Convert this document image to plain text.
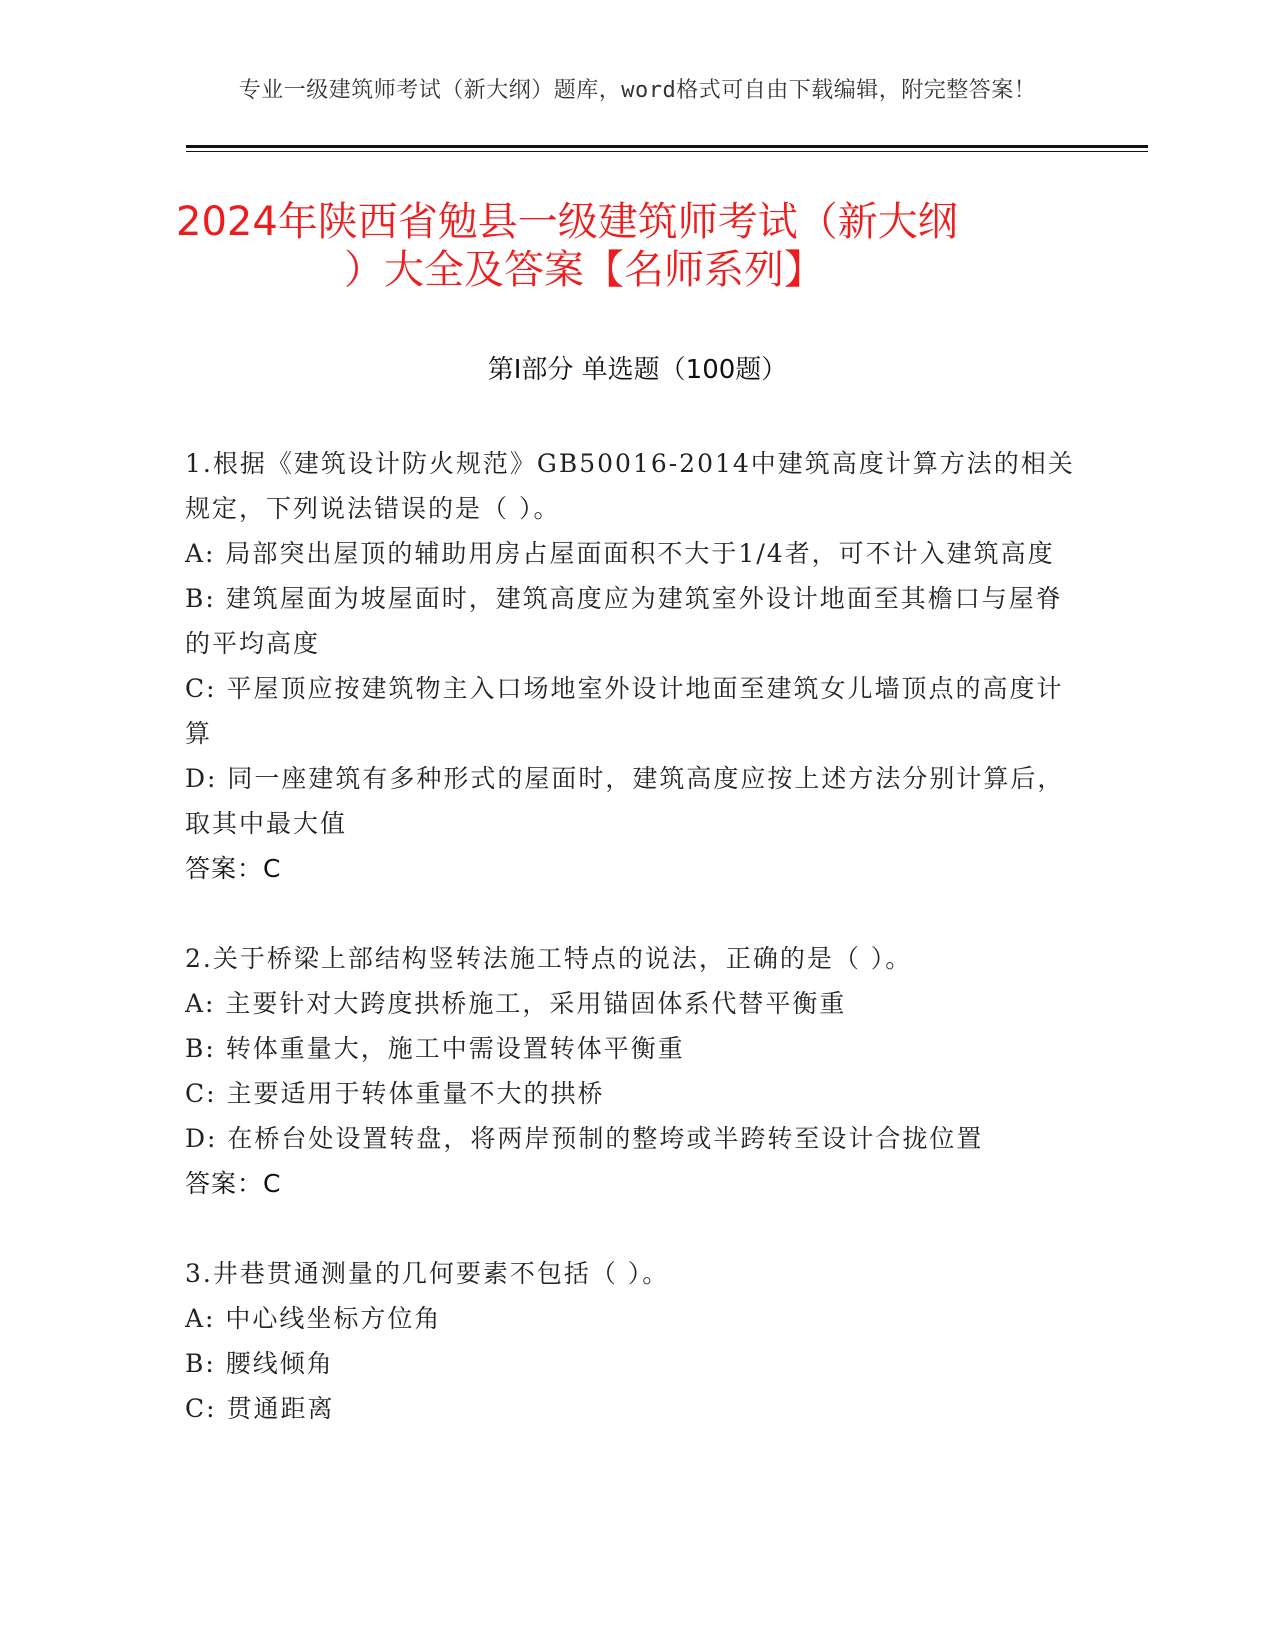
专业一级建筑师考试（新大纲）题库，word格式可自由下载编辑，附完整答案！
2024年陕西省勉县一级建筑师考试（新大纲
）大全及答案【名师系列】
第I部分 单选题（100题）
1.根据《建筑设计防火规范》GB50016-2014中建筑高度计算方法的相关规定，下列说法错误的是（ ）。
A: 局部突出屋顶的辅助用房占屋面面积不大于1/4者，可不计入建筑高度
B: 建筑屋面为坡屋面时，建筑高度应为建筑室外设计地面至其檐口与屋脊的平均高度
C: 平屋顶应按建筑物主入口场地室外设计地面至建筑女儿墙顶点的高度计算
D: 同一座建筑有多种形式的屋面时，建筑高度应按上述方法分别计算后，取其中最大值
答案：C
2.关于桥梁上部结构竖转法施工特点的说法，正确的是（ ）。
A: 主要针对大跨度拱桥施工，采用锚固体系代替平衡重
B: 转体重量大，施工中需设置转体平衡重
C: 主要适用于转体重量不大的拱桥
D: 在桥台处设置转盘，将两岸预制的整垮或半跨转至设计合拢位置
答案：C
3.井巷贯通测量的几何要素不包括（ ）。
A: 中心线坐标方位角
B: 腰线倾角
C: 贯通距离
